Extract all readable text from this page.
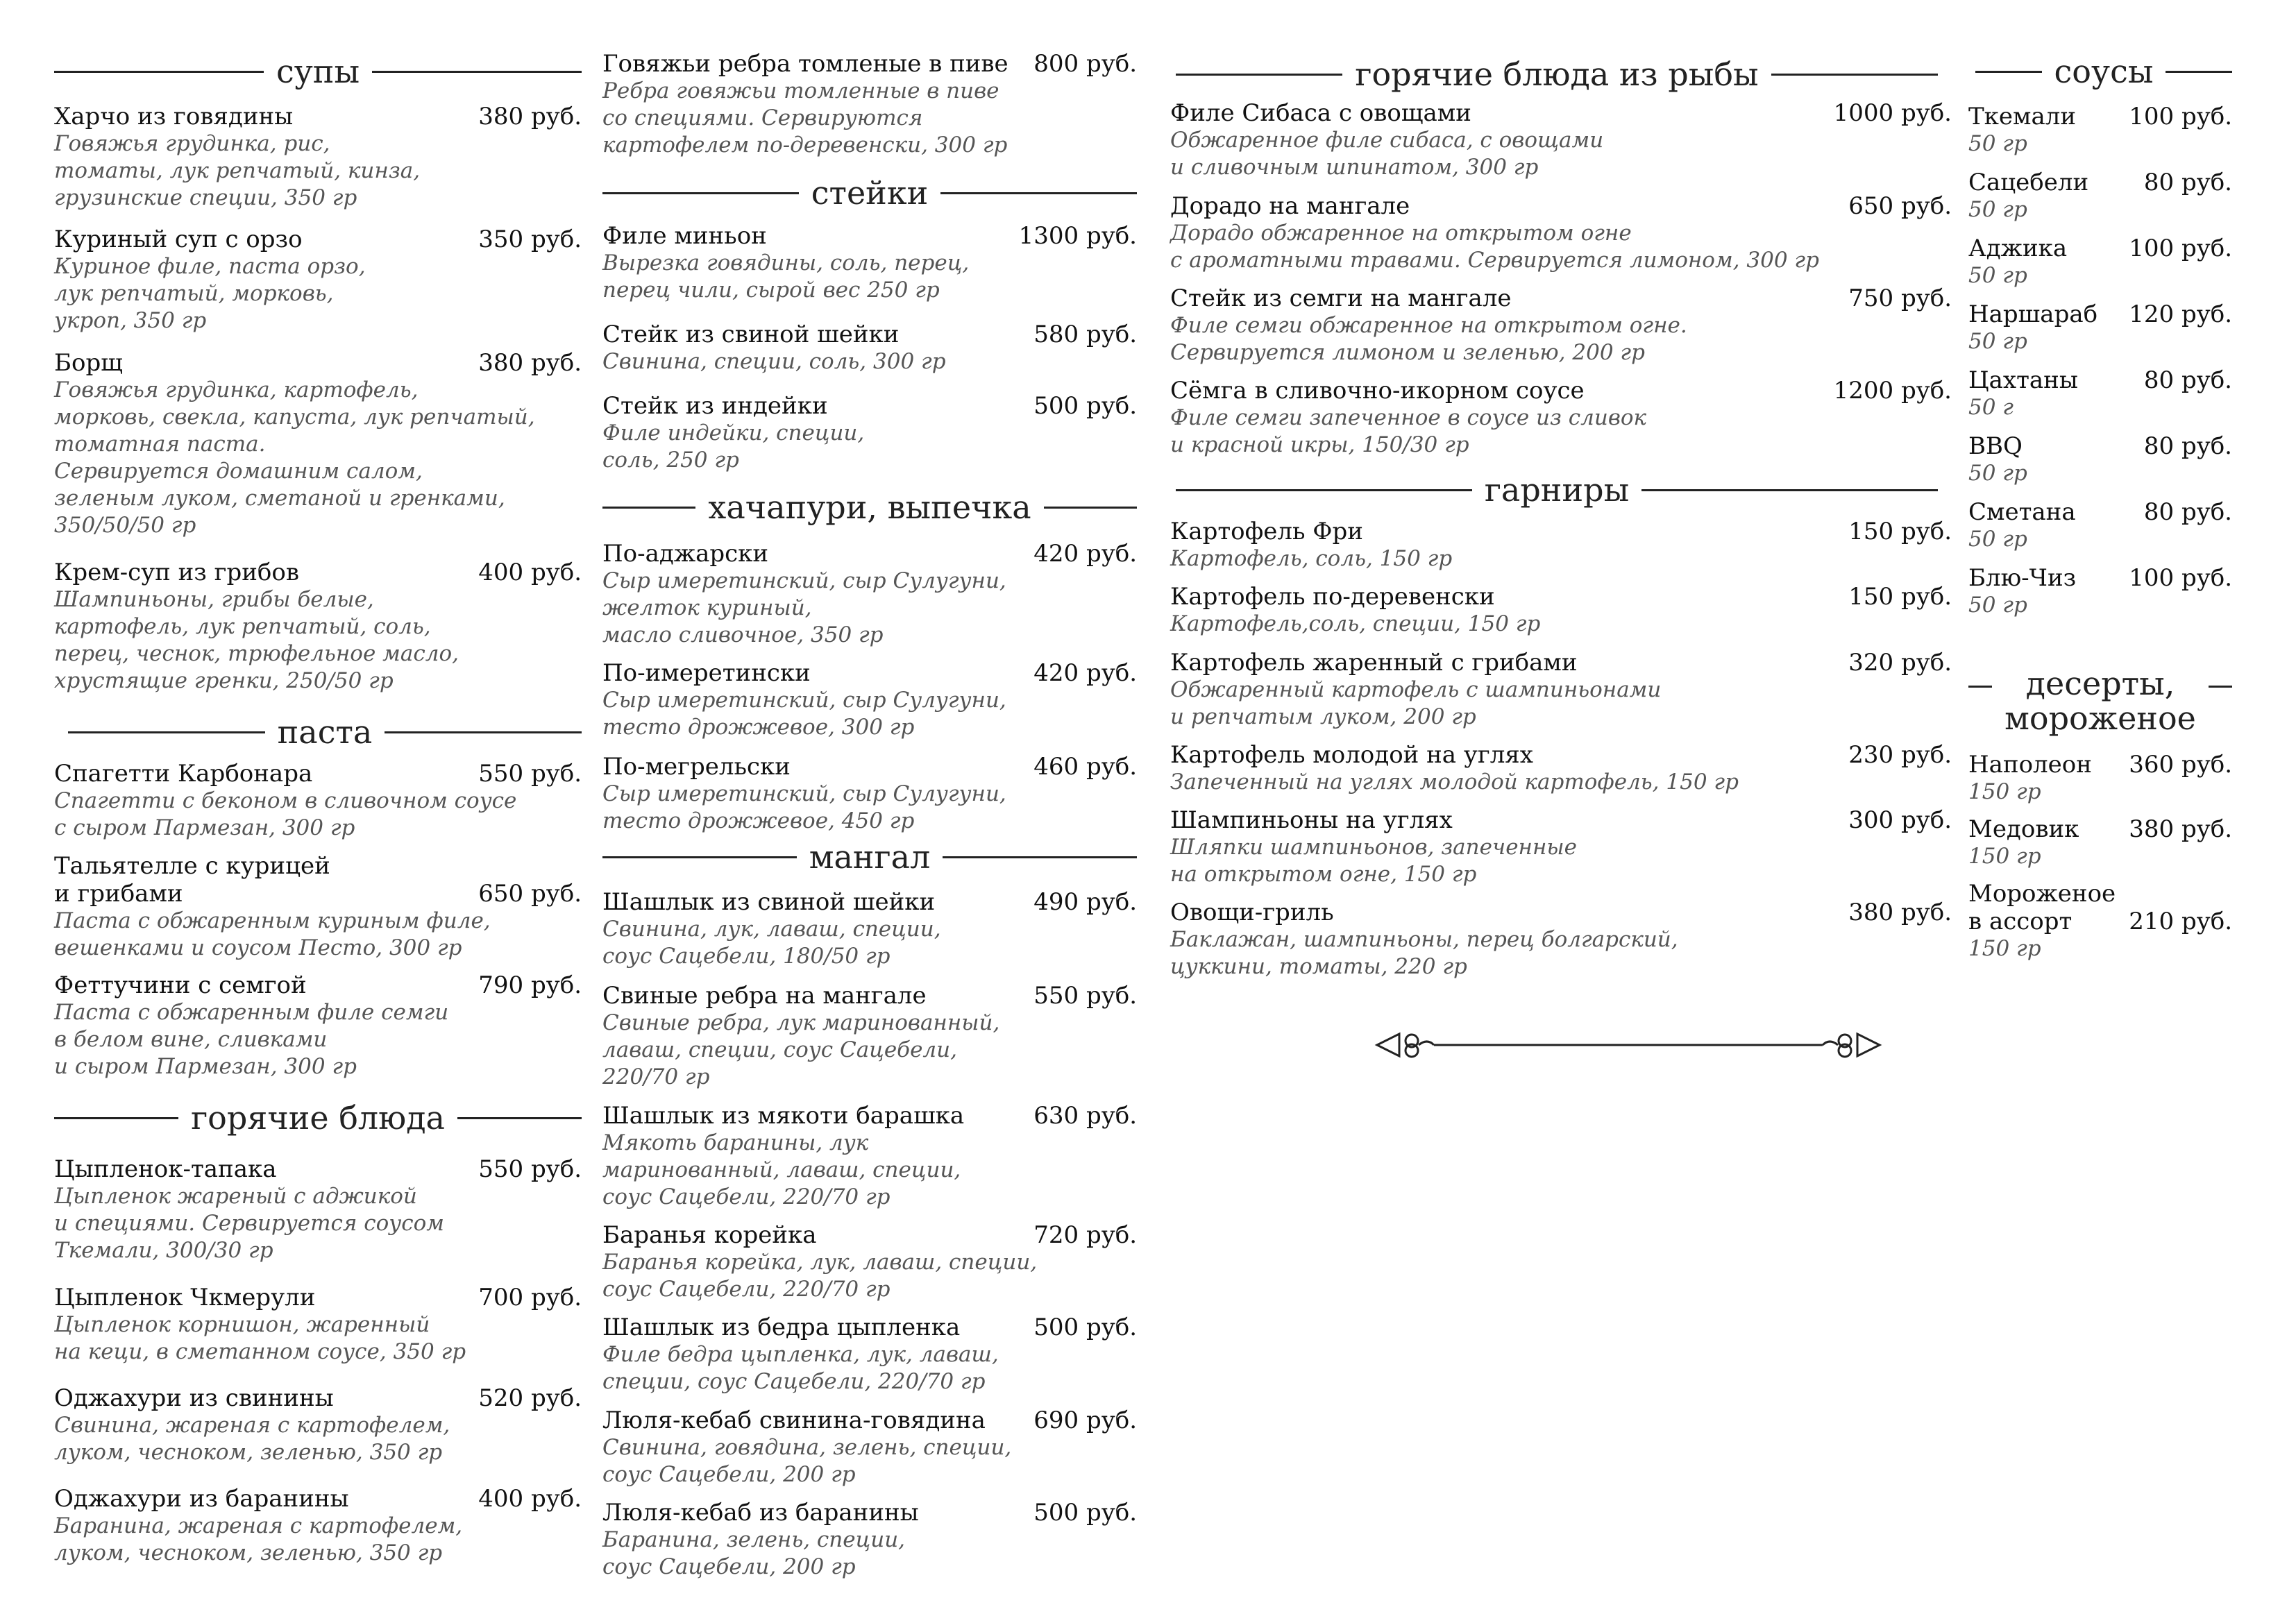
супы
Харчо из говядины	380 руб.
Говяжья грудинка, рис,
томаты, лук репчатый, кинза,
грузинские специи, 350 гр
Куриный суп с орзо	350 руб.
Куриное филе, паста орзо,
лук репчатый, морковь,
укроп, 350 гр
Борщ	380 руб.
Говяжья грудинка, картофель,
морковь, свекла, капуста, лук репчатый,
томатная паста.
Сервируется домашним салом,
зеленым луком, сметаной и гренками,
350/50/50 гр
Крем-суп из грибов	400 руб.
Шампиньоны, грибы белые,
картофель, лук репчатый, соль,
перец, чеснок, трюфельное масло,
хрустящие гренки, 250/50 гр
паста
Спагетти Карбонара	550 руб.
Спагетти с беконом в сливочном соусе
с сыром Пармезан, 300 гр
Тальятелле с курицей
и грибами	650 руб.
Паста с обжаренным куриным филе,
вешенками и соусом Песто, 300 гр
Феттучини с семгой	790 руб.
Паста с обжаренным филе семги
в белом вине, сливками
и сыром Пармезан, 300 гр
горячие блюда
Цыпленок-тапака	550 руб.
Цыпленок жареный с аджикой
и специями. Сервируется соусом
Ткемали, 300/30 гр
Цыпленок Чкмерули	700 руб.
Цыпленок корнишон, жаренный
на кеци, в сметанном соусе, 350 гр
Оджахури из свинины	520 руб.
Свинина, жареная с картофелем,
луком, чесноком, зеленью, 350 гр
Оджахури из баранины	400 руб.
Баранина, жареная с картофелем,
луком, чесноком, зеленью, 350 гр
Говяжьи ребра томленые в пиве	800 руб.
Ребра говяжьи томленные в пиве
со специями. Сервируются
картофелем по-деревенски, 300 гр
стейки
Филе миньон	1300 руб.
Вырезка говядины, соль, перец,
перец чили, сырой вес 250 гр
Стейк из свиной шейки	580 руб.
Свинина, специи, соль, 300 гр
Стейк из индейки	500 руб.
Филе индейки, специи,
соль, 250 гр
хачапури, выпечка
По-аджарски	420 руб.
Сыр имеретинский, сыр Сулугуни,
желток куриный,
масло сливочное, 350 гр
По-имеретински	420 руб.
Сыр имеретинский, сыр Сулугуни,
тесто дрожжевое, 300 гр
По-мегрельски	460 руб.
Сыр имеретинский, сыр Сулугуни,
тесто дрожжевое, 450 гр
мангал
Шашлык из свиной шейки	490 руб.
Свинина, лук, лаваш, специи,
соус Сацебели, 180/50 гр
Свиные ребра на мангале	550 руб.
Свиные ребра, лук маринованный,
лаваш, специи, соус Сацебели,
220/70 гр
Шашлык из мякоти барашка	630 руб.
Мякоть баранины, лук
маринованный, лаваш, специи,
соус Сацебели, 220/70 гр
Баранья корейка	720 руб.
Баранья корейка, лук, лаваш, специи,
соус Сацебели, 220/70 гр
Шашлык из бедра цыпленка	500 руб.
Филе бедра цыпленка, лук, лаваш,
специи, соус Сацебели, 220/70 гр
Люля-кебаб свинина-говядина	690 руб.
Свинина, говядина, зелень, специи,
соус Сацебели, 200 гр
Люля-кебаб из баранины	500 руб.
Баранина, зелень, специи,
соус Сацебели, 200 гр
горячие блюда из рыбы
Филе Сибаса с овощами	1000 руб.
Обжаренное филе сибаса, с овощами
и сливочным шпинатом, 300 гр
Дорадо на мангале	650 руб.
Дорадо обжаренное на открытом огне
с ароматными травами. Сервируется лимоном, 300 гр
Стейк из семги на мангале	750 руб.
Филе семги обжаренное на открытом огне.
Сервируется лимоном и зеленью, 200 гр
Сёмга в сливочно-икорном соусе	1200 руб.
Филе семги запеченное в соусе из сливок
и красной икры, 150/30 гр
гарниры
Картофель Фри	150 руб.
Картофель, соль, 150 гр
Картофель по-деревенски	150 руб.
Картофель,соль, специи, 150 гр
Картофель жаренный с грибами	320 руб.
Обжаренный картофель с шампиньонами
и репчатым луком, 200 гр
Картофель молодой на углях	230 руб.
Запеченный на углях молодой картофель, 150 гр
Шампиньоны на углях	300 руб.
Шляпки шампиньонов, запеченные
на открытом огне, 150 гр
Овощи-гриль	380 руб.
Баклажан, шампиньоны, перец болгарский,
цуккини, томаты, 220 гр
соусы
Ткемали	100 руб.
50 гр
Сацебели	80 руб.
50 гр
Аджика	100 руб.
50 гр
Наршараб	120 руб.
50 гр
Цахтаны	80 руб.
50 г
BBQ	80 руб.
50 гр
Сметана	80 руб.
50 гр
Блю-Чиз	100 руб.
50 гр
десерты,
мороженое
Наполеон	360 руб.
150 гр
Медовик	380 руб.
150 гр
Мороженое
в ассорт	210 руб.
150 гр
